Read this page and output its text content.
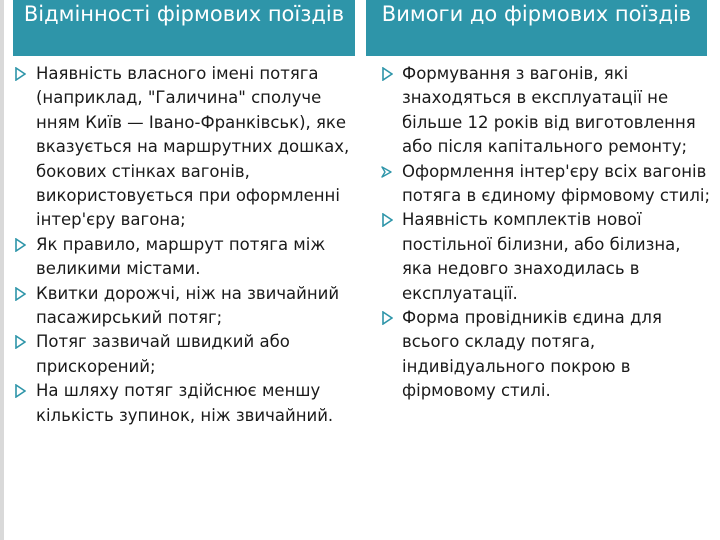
Відмінності фірмових поїздів	Вимоги до фірмових поїздів
Наявність власного імені потяга (наприклад, "Галичина" сполуче нням Київ — Івано-Франківськ), яке вказується на маршрутних дошках, бокових стінках вагонів, використовується при оформленні інтер'єру вагона;
Як правило, маршрут потяга між великими містами.
Квитки дорожчі, ніж на звичайний пасажирський потяг;
Потяг зазвичай швидкий або прискорений;
На шляху потяг здійснює меншу кількість зупинок, ніж звичайний.
Формування з вагонів, які знаходяться в експлуатації не більше 12 років від виготовлення або після капітального ремонту;
Оформлення інтер'єру всіх вагонів потяга в єдиному фірмовому стилі;
Наявність комплектів нової постільної білизни, або білизна, яка недовго знаходилась в експлуатації.
Форма провідників єдина для всього складу потяга, індивідуального покрою в фірмовому стилі.
